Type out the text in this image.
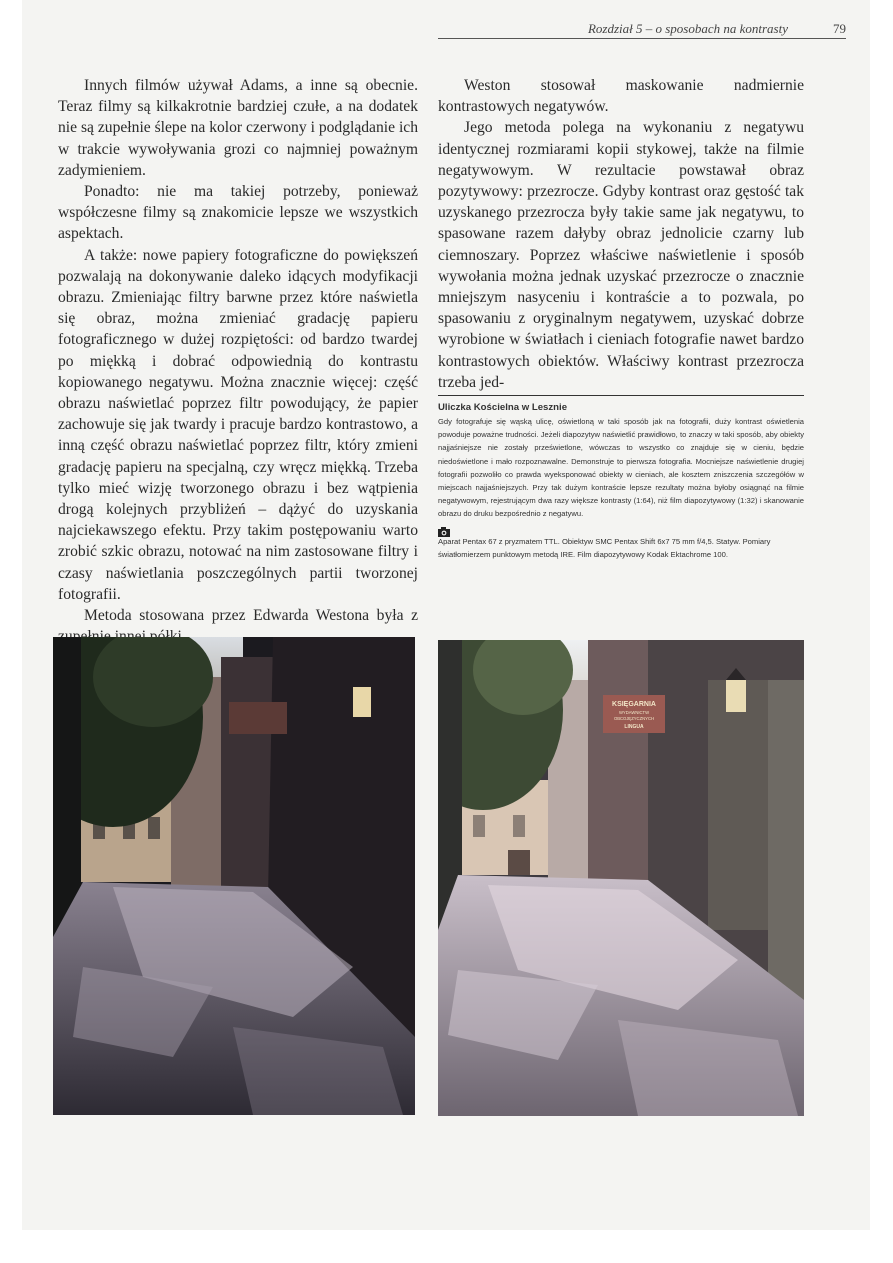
Rozdział 5 – o sposobach na kontrasty	79

Innych filmów używał Adams, a inne są obecnie. Teraz filmy są kilkakrotnie bardziej czułe, a na dodatek nie są zupełnie ślepe na kolor czerwony i podglądanie ich w trakcie wywoływania grozi co najmniej poważnym zadymieniem.

Ponadto: nie ma takiej potrzeby, ponieważ współczesne filmy są znakomicie lepsze we wszystkich aspektach.

A także: nowe papiery fotograficzne do powiększeń pozwalają na dokonywanie daleko idących modyfikacji obrazu. Zmieniając filtry barwne przez które naświetla się obraz, można zmieniać gradację papieru fotograficznego w dużej rozpiętości: od bardzo twardej po miękką i dobrać odpowiednią do kontrastu kopiowanego negatywu. Można znacznie więcej: część obrazu naświetlać poprzez filtr powodujący, że papier zachowuje się jak twardy i pracuje bardzo kontrastowo, a inną część obrazu naświetlać poprzez filtr, który zmieni gradację papieru na specjalną, czy wręcz miękką. Trzeba tylko mieć wizję tworzonego obrazu i bez wątpienia drogą kolejnych przybliżeń – dążyć do uzyskania najciekawszego efektu. Przy takim postępowaniu warto zrobić szkic obrazu, notować na nim zastosowane filtry i czasy naświetlania poszczególnych partii tworzonej fotografii.

Metoda stosowana przez Edwarda Westona była z

Weston stosował maskowanie nadmiernie kontrastowych negatywów.

Jego metoda polega na wykonaniu z negatywu identycznej rozmiarami kopii stykowej, także na filmie negatywowym. W rezultacie powstawał obraz pozytywowy: przezrocze. Gdyby kontrast oraz gęstość tak uzyskanego przezrocza były takie same jak negatywu, to spasowane razem dałyby obraz jednolicie czarny lub ciemnoszary. Poprzez właściwe naświetlenie i sposób wywołania można jednak uzyskać przezrocze o znacznie mniejszym nasyceniu i kontraście a to pozwala, po spasowaniu z oryginalnym negatywem, uzyskać dobrze wyrobione w światłach i cieniach fotografie nawet bardzo kontrastowych obiektów. Właściwy kontrast przezrocza trzeba jed-

Uliczka Kościelna w Lesznie
Gdy fotografuje się wąską ulicę, oświetloną w taki sposób jak na fotografii, duży kontrast oświetlenia powoduje poważne trudności. Jeżeli diapozytyw naświetlić prawidłowo, to znaczy w taki sposób, aby obiekty najjaśniejsze nie zostały prześwietlone, wówczas to wszystko co znajduje się w cieniu, będzie niedoświetlone i mało rozpoznawalne. Demonstruje to pierwsza fotografia. Mocniejsze naświetlenie drugiej fotografii pozwoliło co prawda wyeksponować obiekty w cieniach, ale kosztem zniszczenia szczegółów w miejscach najjaśniejszych. Przy tak dużym kontraście lepsze rezultaty można byłoby osiągnąć na filmie negatywowym, rejestrującym dwa razy większe kontrasty (1:64), niż film diapozytywowy (1:32) i skanowanie obrazu do druku bezpośrednio z negatywu.
Aparat Pentax 67 z pryzmatem TTL. Obiektyw SMC Pentax Shift 6x7 75 mm f/4,5. Statyw. Pomiary światłomierzem punktowym metodą IRE. Film diapozytywowy Kodak Ektachrome 100.
KSIĘGARNIA
WYDAWNICTW
OBCOJĘZYCZNYCH
LINGUA
